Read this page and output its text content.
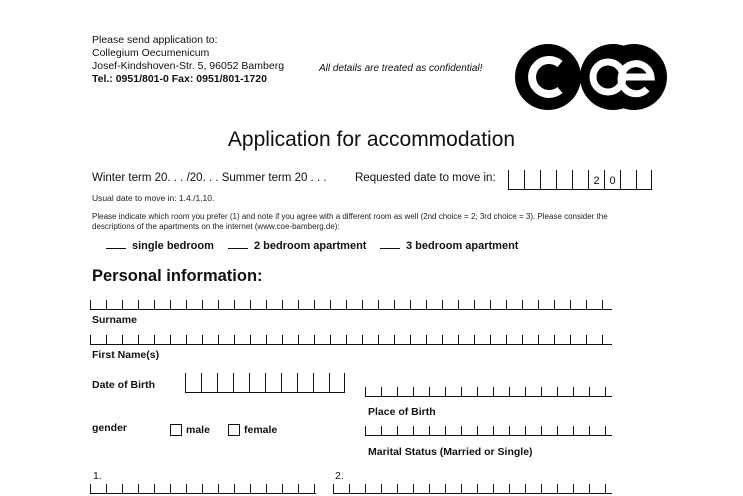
Please send application to:
Collegium Oecumenicum
Josef-Kindshoven-Str. 5, 96052 Bamberg
Tel.: 0951/801-0 Fax: 0951/801-1720
All details are treated as confidential!
Application for accommodation
Winter term 20. . . /20. . . Summer term 20 . . . Requested date to move in:	2 0
Usual date to move in: 1.4./1.10.
Please indicate which room you prefer (1) and note if you agree with a different room as well (2nd choice = 2; 3rd choice = 3). Please consider the descriptions of the apartments on the internet (www.coe-bamberg.de):
single bedroom	2 bedroom apartment	3 bedroom apartment
Personal information:
Surname
First Name(s)
Date of Birth
Place of Birth
gender	male	female
Marital Status (Married or Single)
1.	2.
